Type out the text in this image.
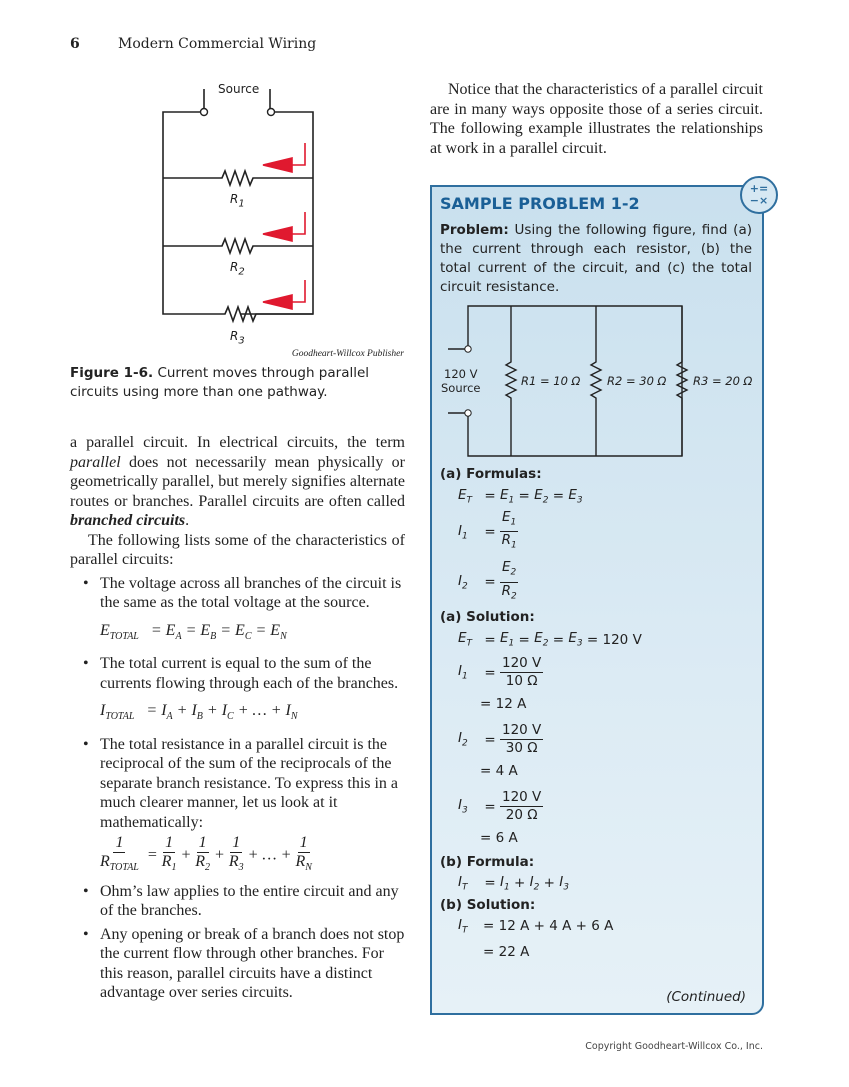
6	Modern Commercial Wiring
Source
$R_1$
$R_2$
$R_3$
Goodheart-Willcox Publisher
Figure 1-6. Current moves through parallel circuits using more than one pathway.

a parallel circuit. In electrical circuits, the term parallel does not necessarily mean physically or geometrically parallel, but merely signifies alternate routes or branches. Parallel circuits are often called branched circuits.

The following lists some of the characteristics of parallel circuits:

• The voltage across all branches of the circuit is the same as the total voltage at the source.
$E_{TOTAL} = E_A = E_B = E_C = E_N$
• The total current is equal to the sum of the currents flowing through each of the branches.
$I_{TOTAL} = I_A + I_B + I_C$ + … + $I_N$
• The total resistance in a parallel circuit is the reciprocal of the sum of the reciprocals of the separate branch resistance. To express this in a much clearer manner, let us look at it mathematically:
$\frac{1}{R_{TOTAL}} = \frac{1}{R_1} + \frac{1}{R_2} + \frac{1}{R_3}$ + … + $\frac{1}{R_N}$
• Ohm’s law applies to the entire circuit and any of the branches.
• Any opening or break of a branch does not stop the current flow through other branches. For this reason, parallel circuits have a distinct advantage over series circuits.
Notice that the characteristics of a parallel circuit are in many ways opposite those of a series circuit. The following example illustrates the relationships at work in a parallel circuit.
+=
−×
SAMPLE PROBLEM 1-2
Problem: Using the following figure, find (a) the current through each resistor, (b) the total current of the circuit, and (c) the total circuit resistance.
120 V
Source	R1 = 10 Ω R2 = 30 Ω R3 = 20 Ω
(a) Formulas:
$E_T = E_1 = E_2 = E_3$
$I_1$	= $\frac{E_1}{R_1}$
$I_2$	= $\frac{E_2}{R_2}$
(a) Solution:
$E_T = E_1 = E_2 = E_3$
= 120 V
$I_1$	= $\frac{120 V}{10 \Omega}$
= 12 A
$I_2$	= $\frac{120 V}{30 \Omega}$
= 4 A
$I_3$	= $\frac{120 V}{20 \Omega}$
= 6 A
(b) Formula:
$I_T$	= $I_1 + I_2 + I_3$
(b) Solution:
$I_T$	= 12 A + 4 A + 6 A
= 22 A
(Continued)
Copyright Goodheart-Willcox Co., Inc.
